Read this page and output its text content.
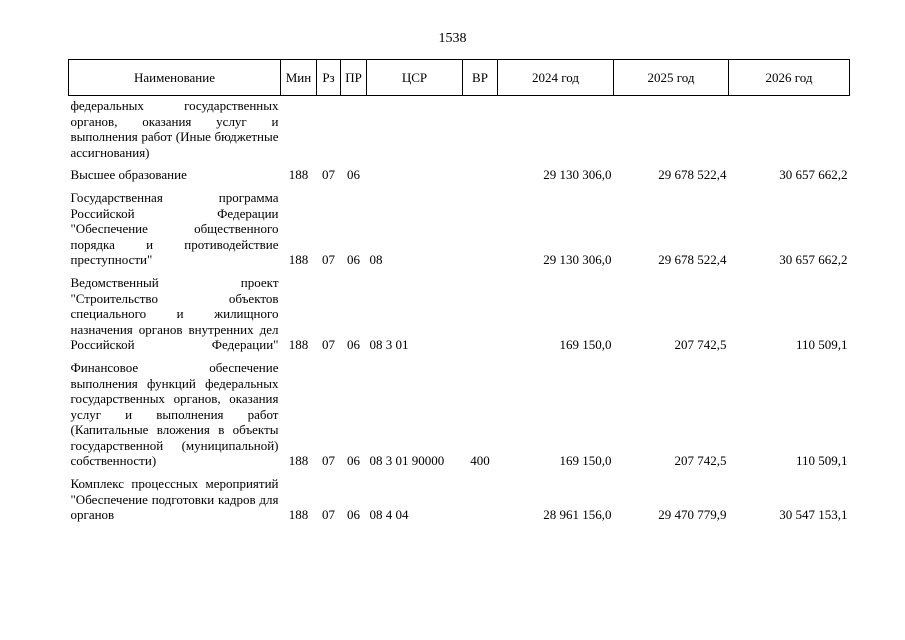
1538
Наименование	Мин	Рз	ПР	ЦСР	ВР	2024 год	2025 год	2026 год
федеральных государственных органов, оказания услуг и выполнения работ (Иные бюджетные ассигнования)								
Высшее образование	188	07	06			29 130 306,0	29 678 522,4	30 657 662,2
Государственная программа Российской Федерации "Обеспечение общественного порядка и противодействие преступности"	188	07	06	08		29 130 306,0	29 678 522,4	30 657 662,2
Ведомственный проект "Строительство объектов специального и жилищного назначения органов внутренних дел Российской Федерации"	188	07	06	08 3 01		169 150,0	207 742,5	110 509,1
Финансовое обеспечение выполнения функций федеральных государственных органов, оказания услуг и выполнения работ (Капитальные вложения в объекты государственной (муниципальной) собственности)	188	07	06	08 3 01 90000	400	169 150,0	207 742,5	110 509,1
Комплекс процессных мероприятий "Обеспечение подготовки кадров для органов	188	07	06	08 4 04		28 961 156,0	29 470 779,9	30 547 153,1
